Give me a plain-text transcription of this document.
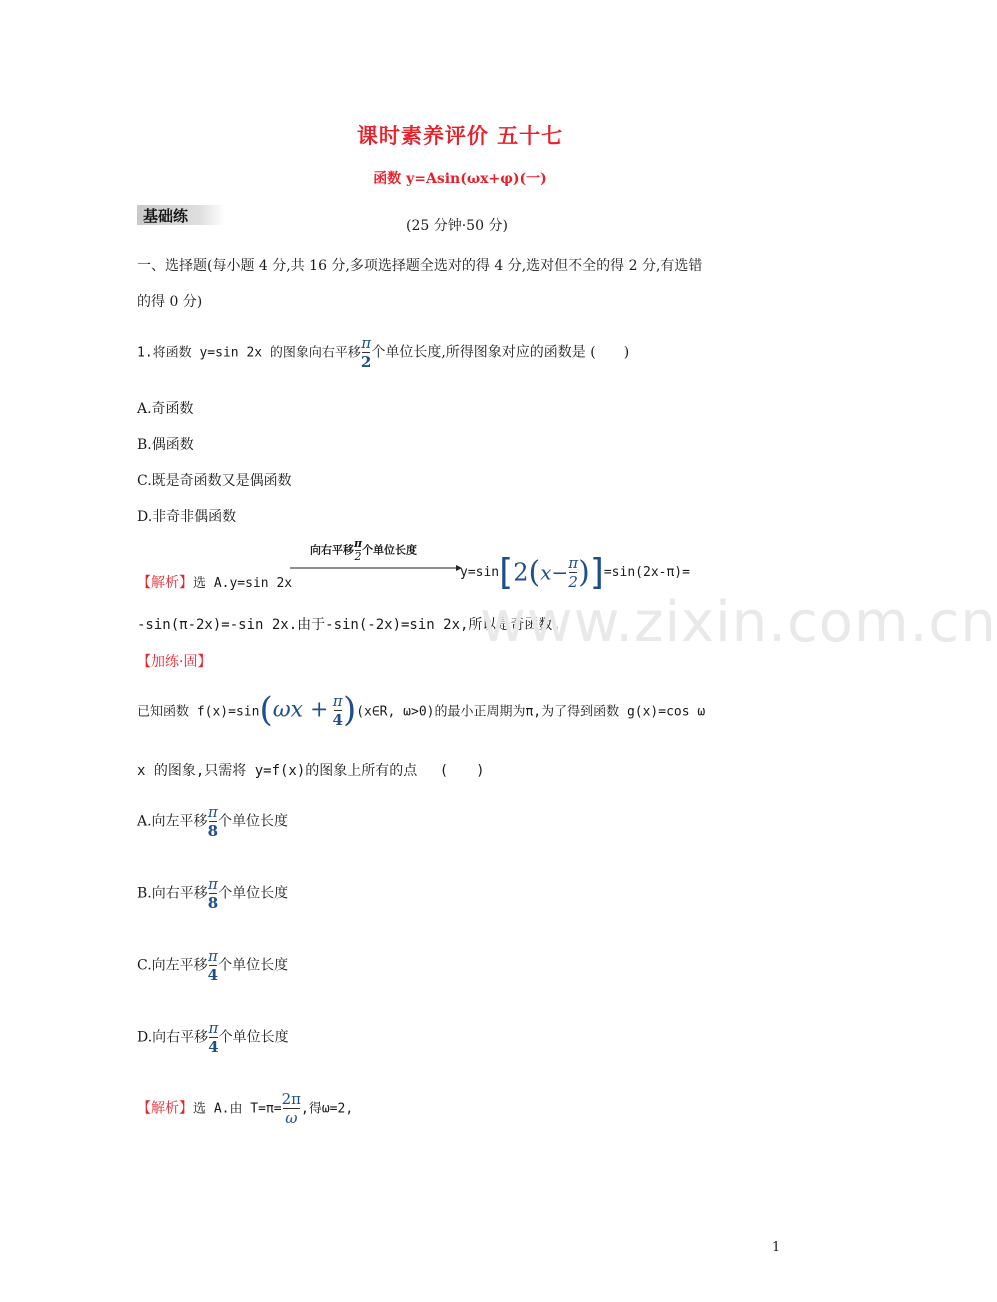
课时素养评价 五十七
函数 y=Asin(ωx+φ)(一)
基础练
(25 分钟·50 分)
一、选择题(每小题 4 分,共 16 分,多项选择题全选对的得 4 分,选对但不全的得 2 分,有选错
的得 0 分)
1.将函数 y=sin 2x 的图象向右平移 $\frac{\pi}{2}$ 个单位长度,所得图象对应的函数是 (　　)
A.奇函数
B.偶函数
C.既是奇函数又是偶函数
D.非奇非偶函数
向右平移 $\frac{\pi}{2}$ 个单位长度
【解析】选 A.y=sin 2x
$y=\sin[2(x- \frac{\pi}{2} )]=\sin(2x-\pi)=$
-sin(π-2x)=-sin 2x.由于-sin(-2x)=sin 2x,所以是奇函数.
【加练·固】
已知函数 $f(x)=\sin(\omega x + \frac{\pi}{4}$ )(x∈R, ω>0)的最小正周期为π,为了得到函数 g(x)=cos ω
x 的图象,只需将 y=f(x)的图象上所有的点　 (　　)
A.向左平移 $\frac{\pi}{8}$ 个单位长度
B.向右平移 $\frac{\pi}{8}$ 个单位长度
C.向左平移 $\frac{\pi}{4}$ 个单位长度
D.向右平移 $\frac{\pi}{4}$ 个单位长度
【解析】选 A.由 $T=\pi= \frac{2\pi}{\omega}$ ,得ω=2,
www.zixin.com.cn
1
